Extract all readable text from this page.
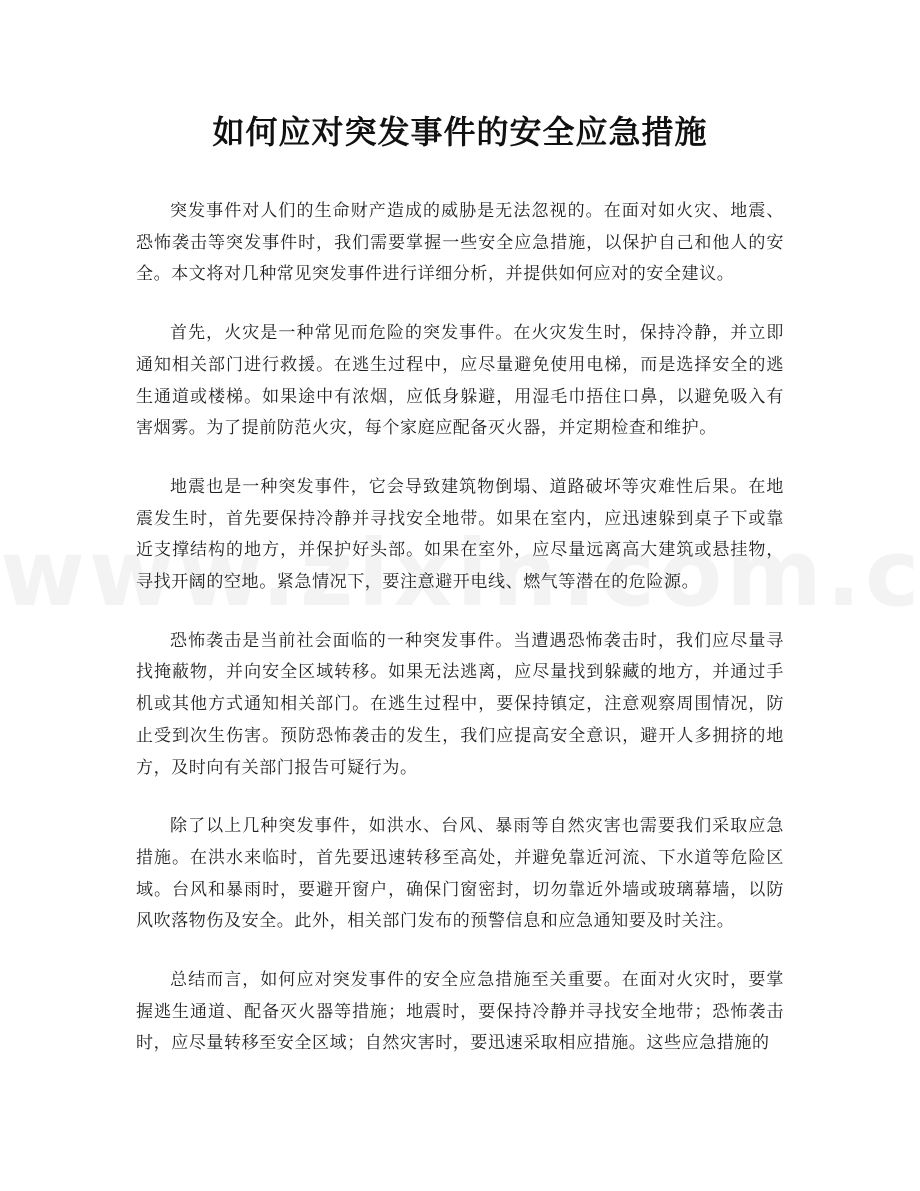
如何应对突发事件的安全应急措施

突发事件对人们的生命财产造成的威胁是无法忽视的。在面对如火灾、地震、恐怖袭击等突发事件时，我们需要掌握一些安全应急措施，以保护自己和他人的安全。本文将对几种常见突发事件进行详细分析，并提供如何应对的安全建议。

首先，火灾是一种常见而危险的突发事件。在火灾发生时，保持冷静，并立即通知相关部门进行救援。在逃生过程中，应尽量避免使用电梯，而是选择安全的逃生通道或楼梯。如果途中有浓烟，应低身躲避，用湿毛巾捂住口鼻，以避免吸入有害烟雾。为了提前防范火灾，每个家庭应配备灭火器，并定期检查和维护。

地震也是一种突发事件，它会导致建筑物倒塌、道路破坏等灾难性后果。在地震发生时，首先要保持冷静并寻找安全地带。如果在室内，应迅速躲到桌子下或靠近支撑结构的地方，并保护好头部。如果在室外，应尽量远离高大建筑或悬挂物，寻找开阔的空地。紧急情况下，要注意避开电线、燃气等潜在的危险源。

恐怖袭击是当前社会面临的一种突发事件。当遭遇恐怖袭击时，我们应尽量寻找掩蔽物，并向安全区域转移。如果无法逃离，应尽量找到躲藏的地方，并通过手机或其他方式通知相关部门。在逃生过程中，要保持镇定，注意观察周围情况，防止受到次生伤害。预防恐怖袭击的发生，我们应提高安全意识，避开人多拥挤的地方，及时向有关部门报告可疑行为。

除了以上几种突发事件，如洪水、台风、暴雨等自然灾害也需要我们采取应急措施。在洪水来临时，首先要迅速转移至高处，并避免靠近河流、下水道等危险区域。台风和暴雨时，要避开窗户，确保门窗密封，切勿靠近外墙或玻璃幕墙，以防风吹落物伤及安全。此外，相关部门发布的预警信息和应急通知要及时关注。

总结而言，如何应对突发事件的安全应急措施至关重要。在面对火灾时，要掌握逃生通道、配备灭火器等措施；地震时，要保持冷静并寻找安全地带；恐怖袭击时，应尽量转移至安全区域；自然灾害时，要迅速采取相应措施。这些应急措施的
